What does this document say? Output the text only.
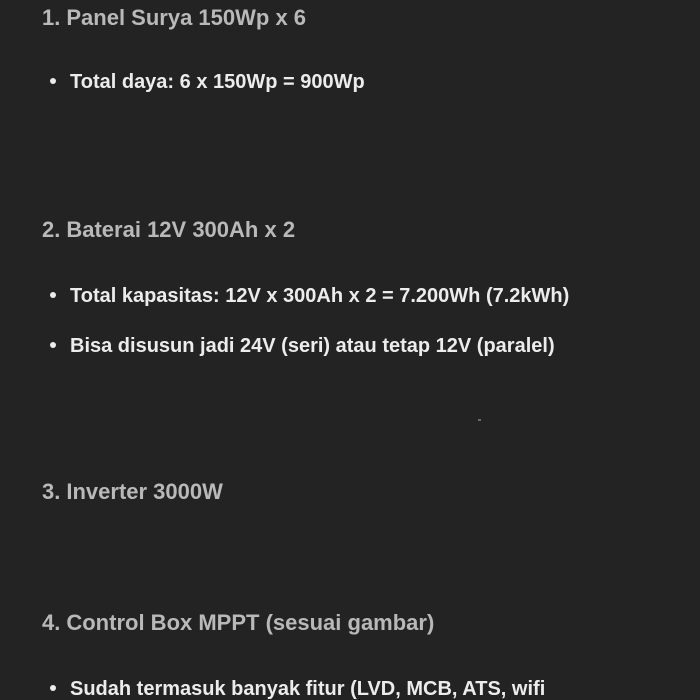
1. Panel Surya 150Wp x 6

Total daya: 6 x 150Wp = 900Wp

2. Baterai 12V 300Ah x 2

Total kapasitas: 12V x 300Ah x 2 = 7.200Wh (7.2kWh)

Bisa disusun jadi 24V (seri) atau tetap 12V (paralel)

3. Inverter 3000W
4. Control Box MPPT (sesuai gambar)

Sudah termasuk banyak fitur (LVD, MCB, ATS, wifi
